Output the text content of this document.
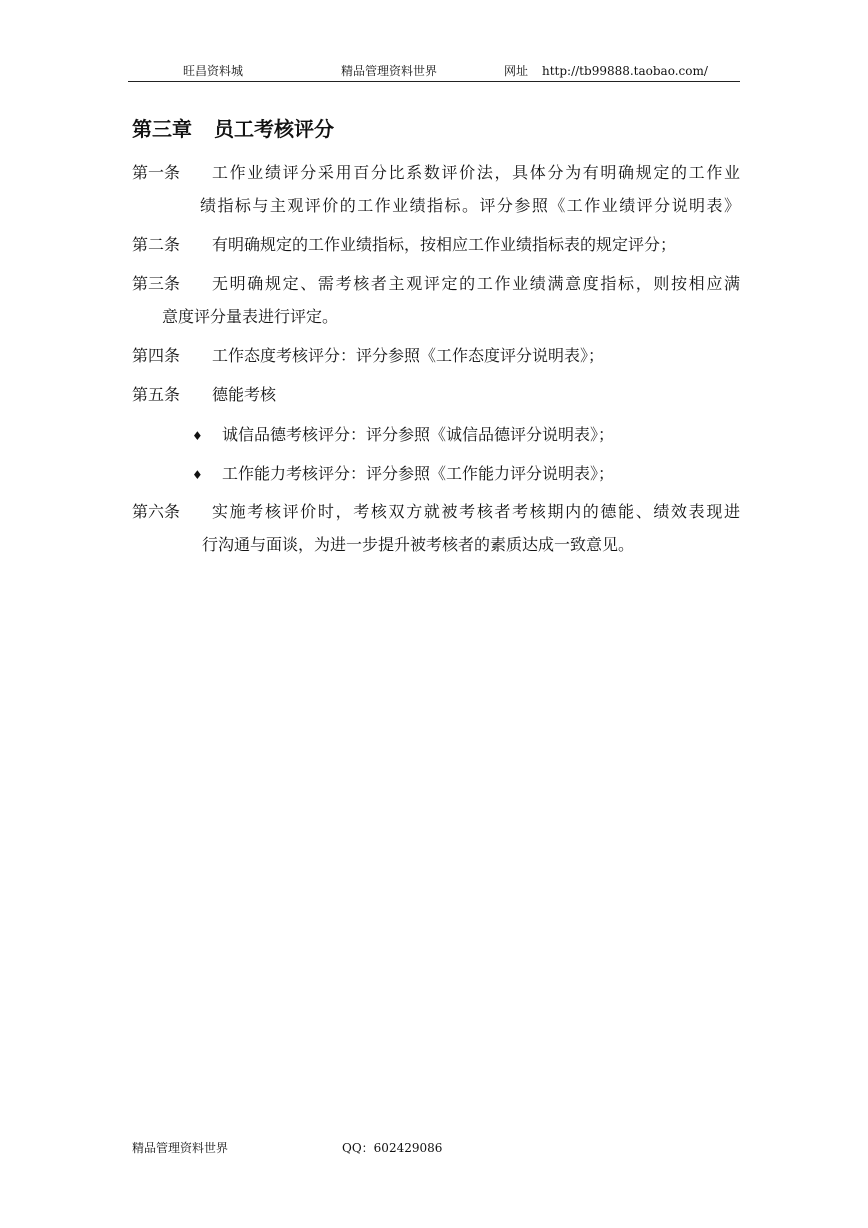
旺昌资料城	精品管理资料世界	网址 http://tb99888.taobao.com/
第三章 员工考核评分
第一条	工作业绩评分采用百分比系数评价法，具体分为有明确规定的工作业
绩指标与主观评价的工作业绩指标。评分参照《工作业绩评分说明表》
第二条	有明确规定的工作业绩指标，按相应工作业绩指标表的规定评分；
第三条	无明确规定、需考核者主观评定的工作业绩满意度指标，则按相应满
意度评分量表进行评定。
第四条	工作态度考核评分：评分参照《工作态度评分说明表》；
第五条	德能考核
♦ 诚信品德考核评分：评分参照《诚信品德评分说明表》；
♦ 工作能力考核评分：评分参照《工作能力评分说明表》；
第六条	实施考核评价时，考核双方就被考核者考核期内的德能、绩效表现进
行沟通与面谈，为进一步提升被考核者的素质达成一致意见。
精品管理资料世界	QQ：602429086
